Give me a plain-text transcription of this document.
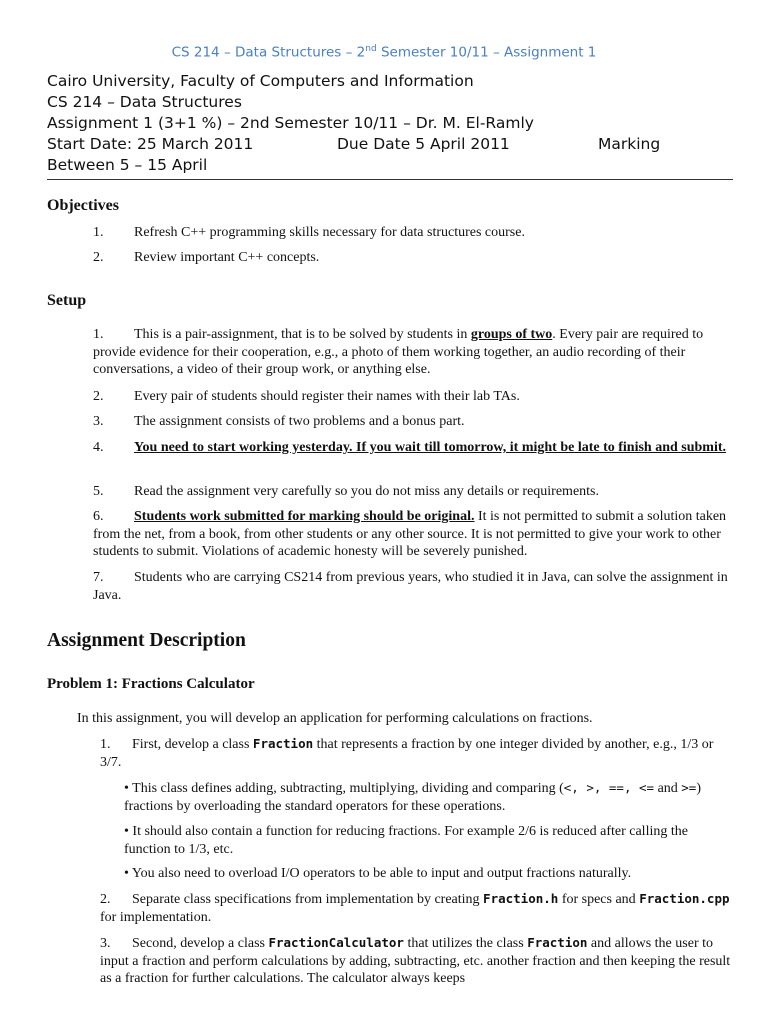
CS 214 – Data Structures – 2nd Semester 10/11 – Assignment 1
Cairo University, Faculty of Computers and Information
CS 214 – Data Structures
Assignment 1 (3+1 %) – 2nd Semester 10/11 – Dr. M. El-Ramly
Start Date: 25 March 2011	Due Date 5 April 2011	Marking
Between 5 – 15 April
Objectives
1. Refresh C++ programming skills necessary for data structures course.
2. Review important C++ concepts.
Setup
1. This is a pair-assignment, that is to be solved by students in groups of two. Every pair are required to provide evidence for their cooperation, e.g., a photo of them working together, an audio recording of their conversations, a video of their group work, or anything else.
2. Every pair of students should register their names with their lab TAs.
3. The assignment consists of two problems and a bonus part.
4. You need to start working yesterday. If you wait till tomorrow, it might be late to finish and submit.
5. Read the assignment very carefully so you do not miss any details or requirements.
6. Students work submitted for marking should be original. It is not permitted to submit a solution taken from the net, from a book, from other students or any other source. It is not permitted to give your work to other students to submit. Violations of academic honesty will be severely punished.
7. Students who are carrying CS214 from previous years, who studied it in Java, can solve the assignment in Java.
Assignment Description
Problem 1: Fractions Calculator
In this assignment, you will develop an application for performing calculations on fractions.
1. First, develop a class Fraction that represents a fraction by one integer divided by another, e.g., 1/3 or 3/7.
• This class defines adding, subtracting, multiplying, dividing and comparing (<, >, ==, <= and >=) fractions by overloading the standard operators for these operations.
• It should also contain a function for reducing fractions. For example 2/6 is reduced after calling the function to 1/3, etc.
• You also need to overload I/O operators to be able to input and output fractions naturally.
2. Separate class specifications from implementation by creating Fraction.h for specs and Fraction.cpp for implementation.
3. Second, develop a class FractionCalculator that utilizes the class Fraction and allows the user to input a fraction and perform calculations by adding, subtracting, etc. another fraction and then keeping the result as a fraction for further calculations. The calculator always keeps
